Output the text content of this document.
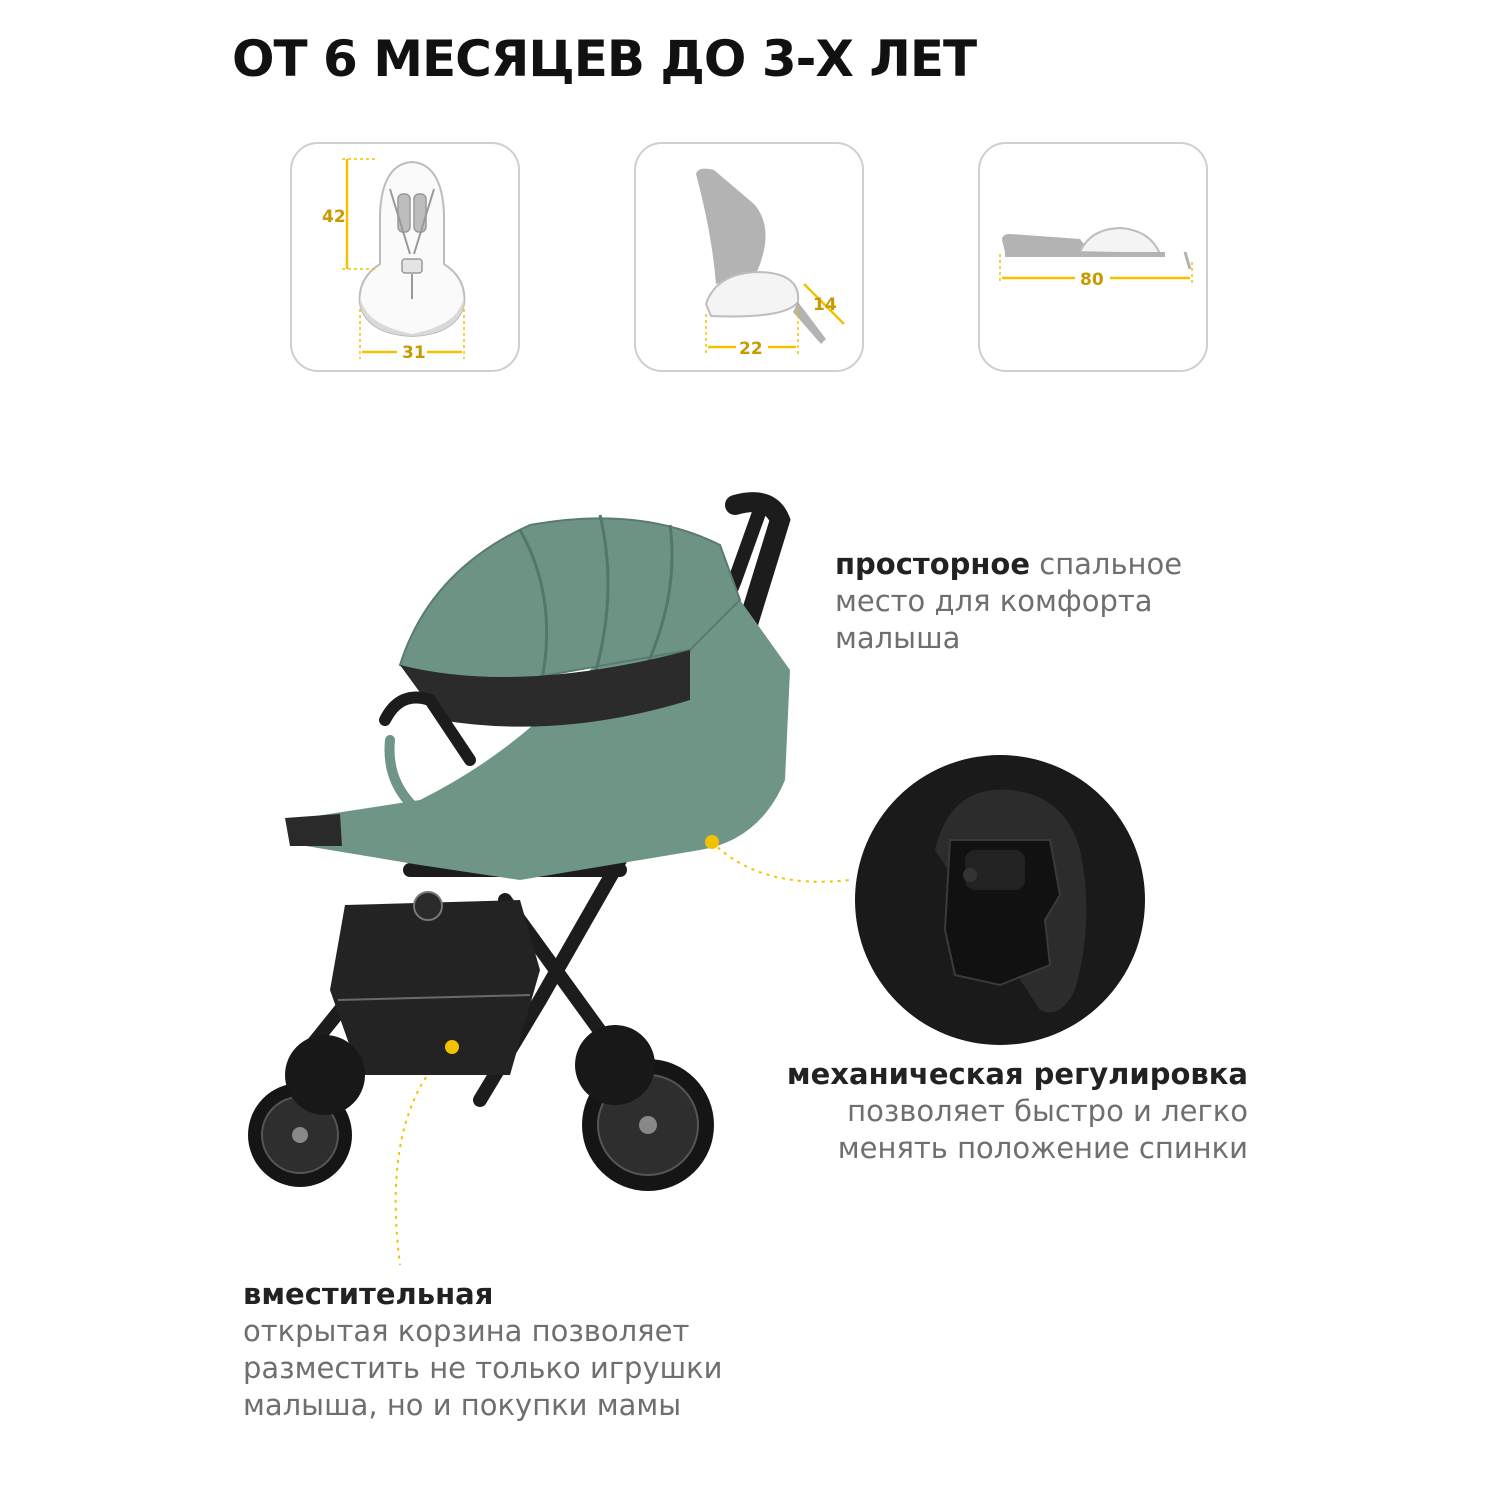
ОТ 6 МЕСЯЦЕВ ДО 3-Х ЛЕТ
42
31	22
14
80
просторное спальное
место для комфорта
малыша
механическая регулировка
позволяет быстро и легко
менять положение спинки
вместительная
открытая корзина позволяет
разместить не только игрушки
малыша, но и покупки мамы
